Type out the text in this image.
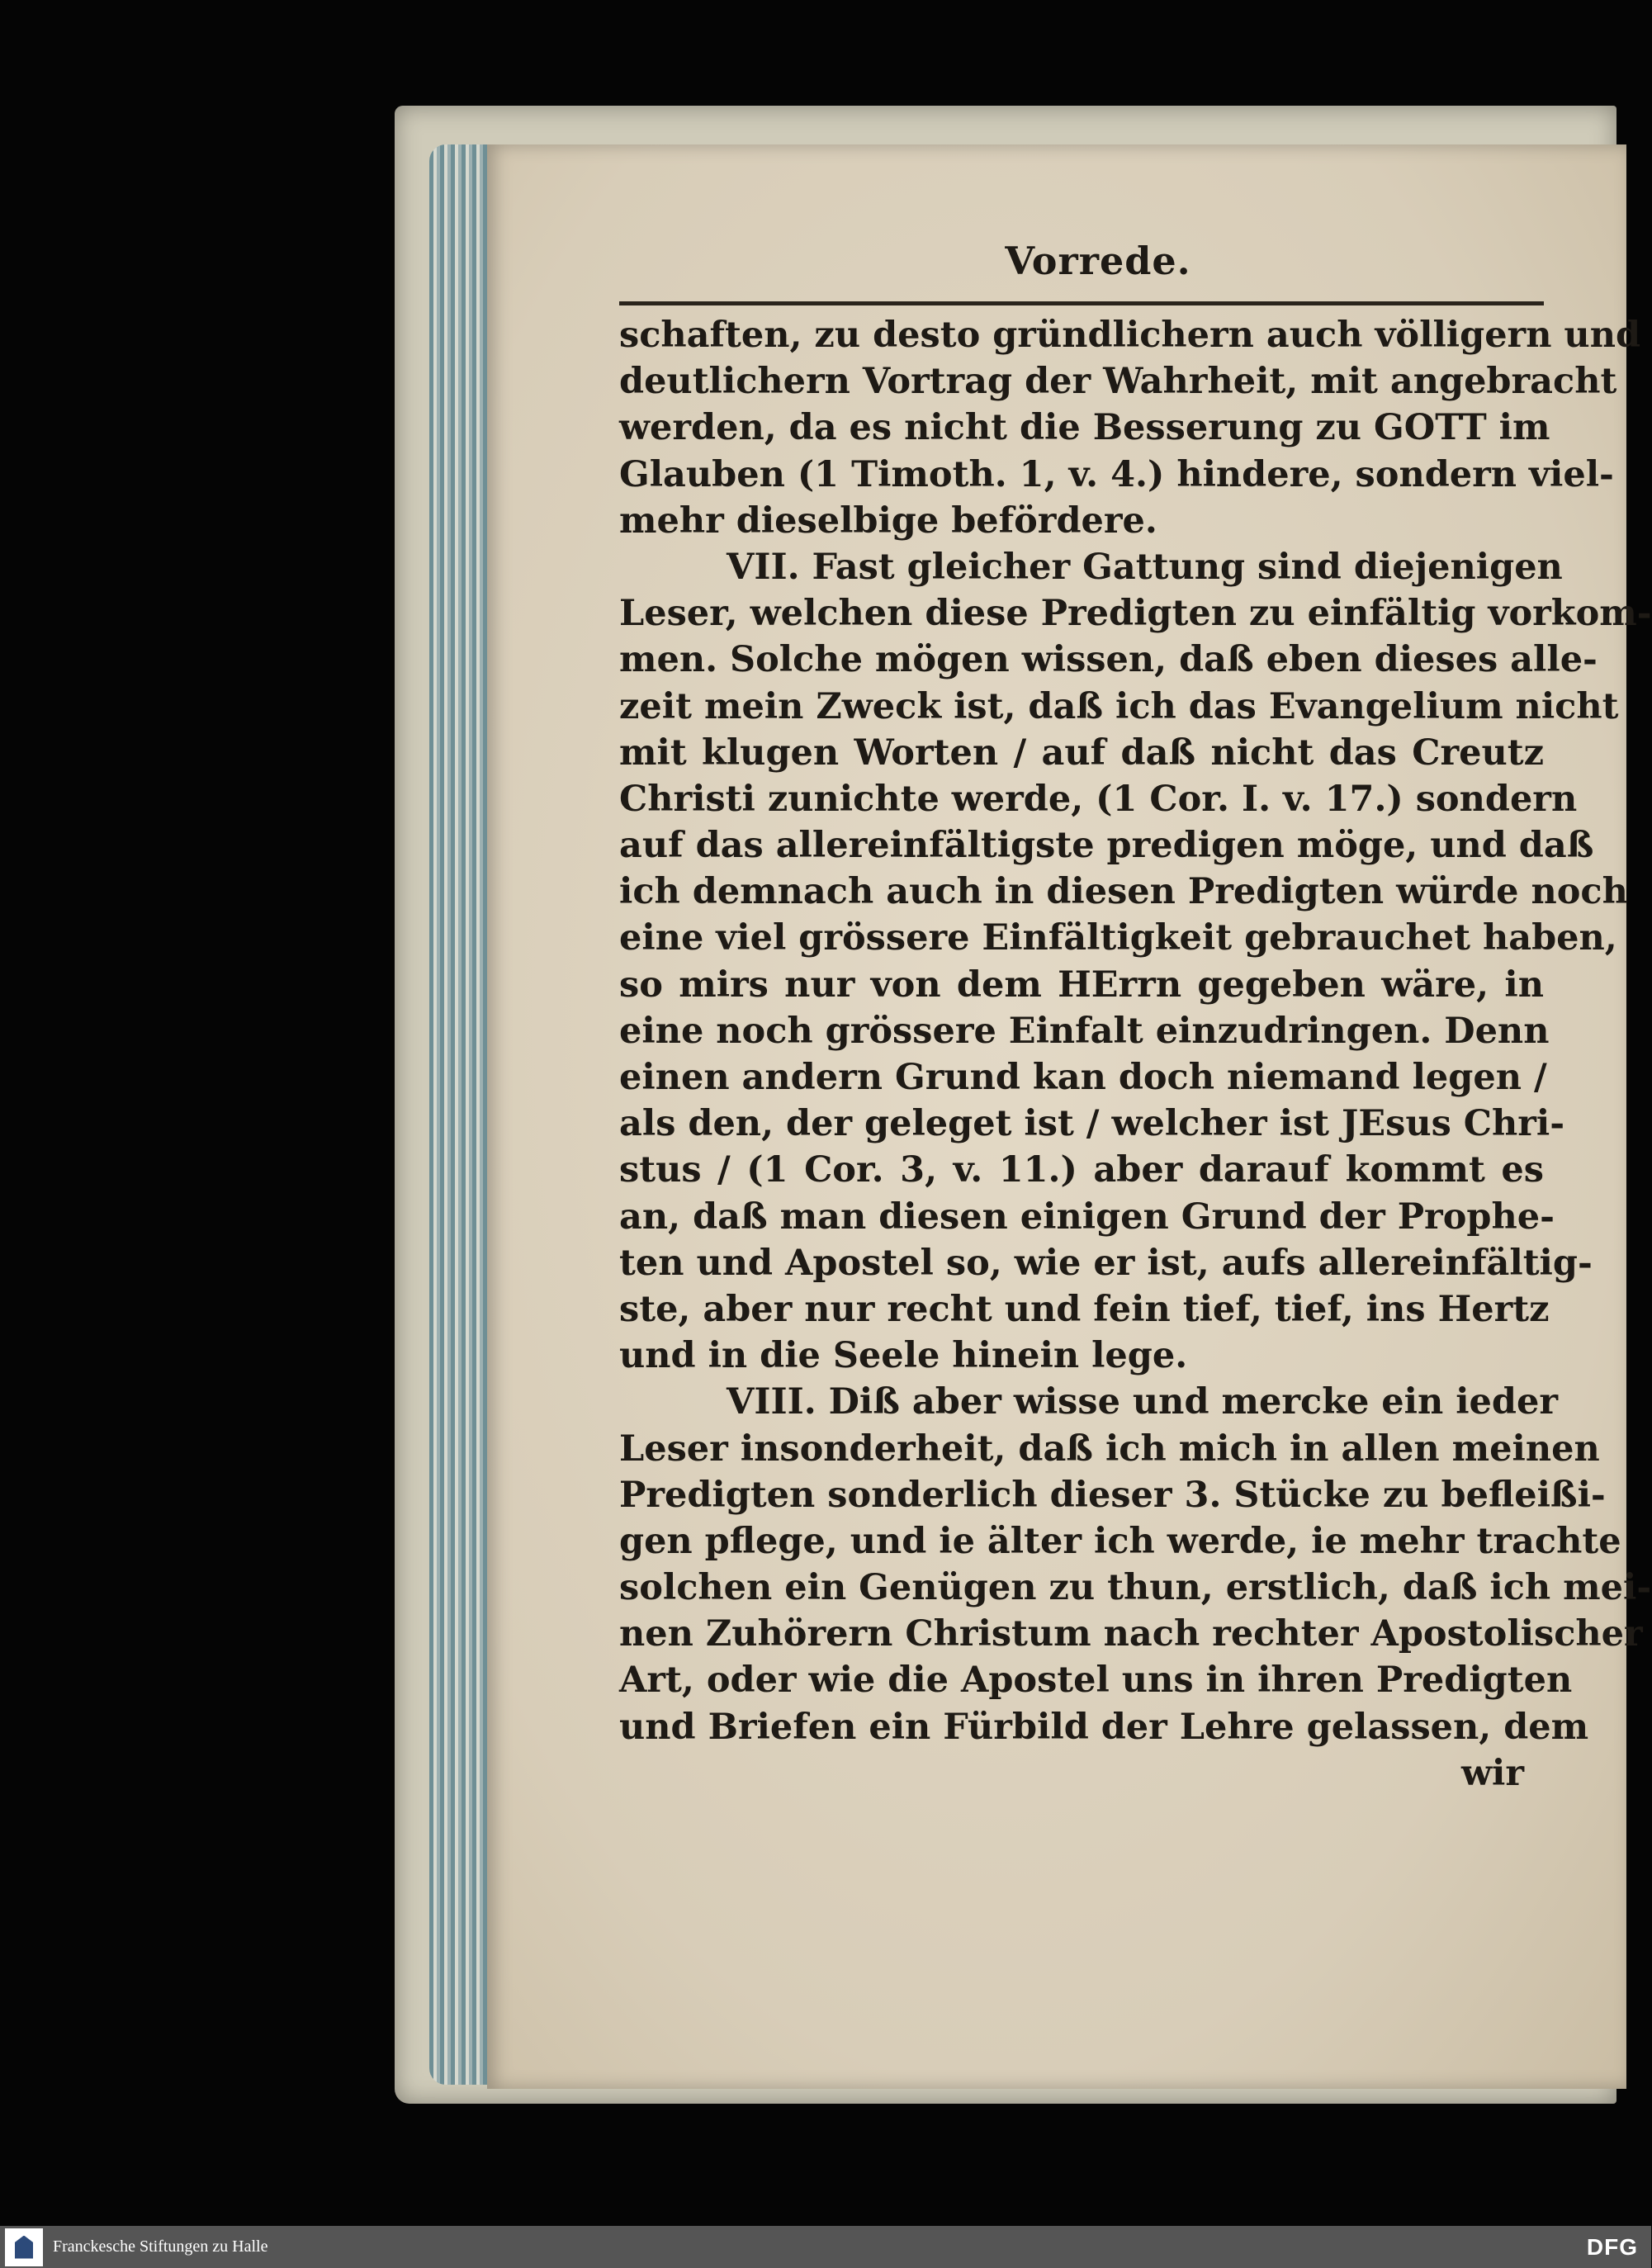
Vorrede.
schaften, zu desto gründlichern auch völligern und
deutlichern Vortrag der Wahrheit, mit angebracht
werden, da es nicht die Besserung zu GOTT im
Glauben (1 Timoth. 1, v. 4.) hindere, sondern viel-
mehr dieselbige befördere.
VII. Fast gleicher Gattung sind diejenigen
Leser, welchen diese Predigten zu einfältig vorkom-
men. Solche mögen wissen, daß eben dieses alle-
zeit mein Zweck ist, daß ich das Evangelium nicht
mit klugen Worten / auf daß nicht das Creutz
Christi zunichte werde, (1 Cor. I. v. 17.) sondern
auf das allereinfältigste predigen möge, und daß
ich demnach auch in diesen Predigten würde noch
eine viel grössere Einfältigkeit gebrauchet haben,
so mirs nur von dem HErrn gegeben wäre, in
eine noch grössere Einfalt einzudringen. Denn
einen andern Grund kan doch niemand legen /
als den, der geleget ist / welcher ist JEsus Chri-
stus / (1 Cor. 3, v. 11.) aber darauf kommt es
an, daß man diesen einigen Grund der Prophe-
ten und Apostel so, wie er ist, aufs allereinfältig-
ste, aber nur recht und fein tief, tief, ins Hertz
und in die Seele hinein lege.
VIII. Diß aber wisse und mercke ein ieder
Leser insonderheit, daß ich mich in allen meinen
Predigten sonderlich dieser 3. Stücke zu befleißi-
gen pflege, und ie älter ich werde, ie mehr trachte
solchen ein Genügen zu thun, erstlich, daß ich mei-
nen Zuhörern Christum nach rechter Apostolischer
Art, oder wie die Apostel uns in ihren Predigten
und Briefen ein Fürbild der Lehre gelassen, dem
wir
Franckesche Stiftungen zu Halle	DFG
